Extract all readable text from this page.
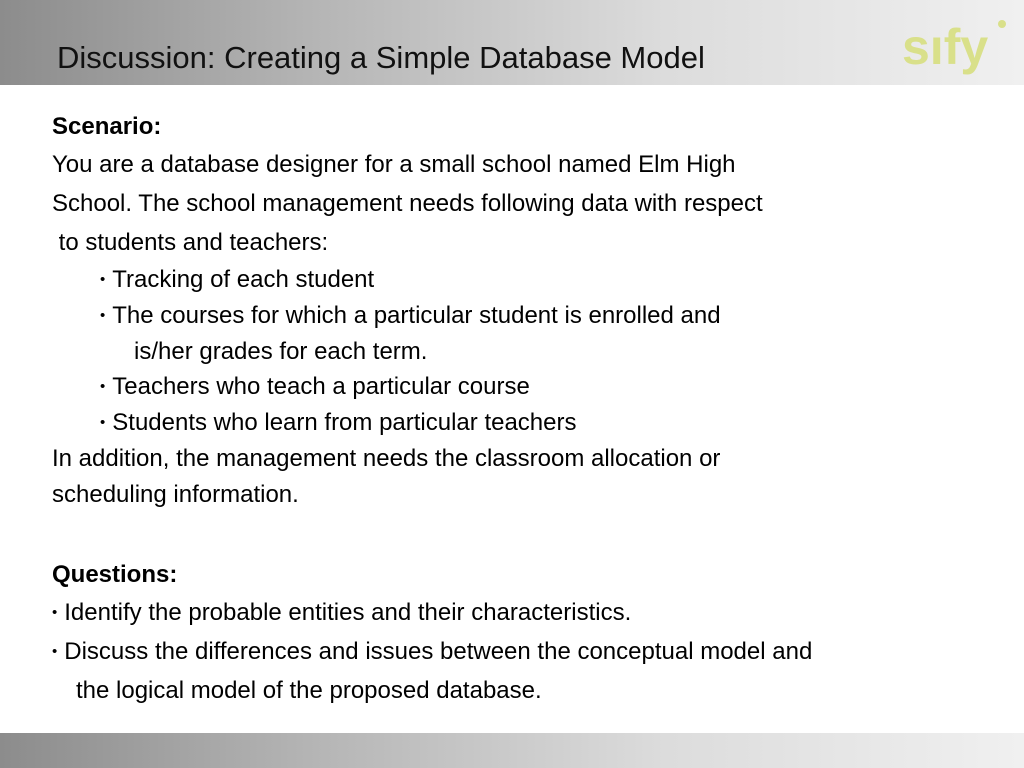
Discussion: Creating a Simple Database Model	sıfy
Scenario:
You are a database designer for a small school named Elm High
School. The school management needs following data with respect
to students and teachers:
• Tracking of each student
• The courses for which a particular student is enrolled and
is/her grades for each term.
• Teachers who teach a particular course
• Students who learn from particular teachers
In addition, the management needs the classroom allocation or
scheduling information.
Questions:
• Identify the probable entities and their characteristics.
• Discuss the differences and issues between the conceptual model and
the logical model of the proposed database.
